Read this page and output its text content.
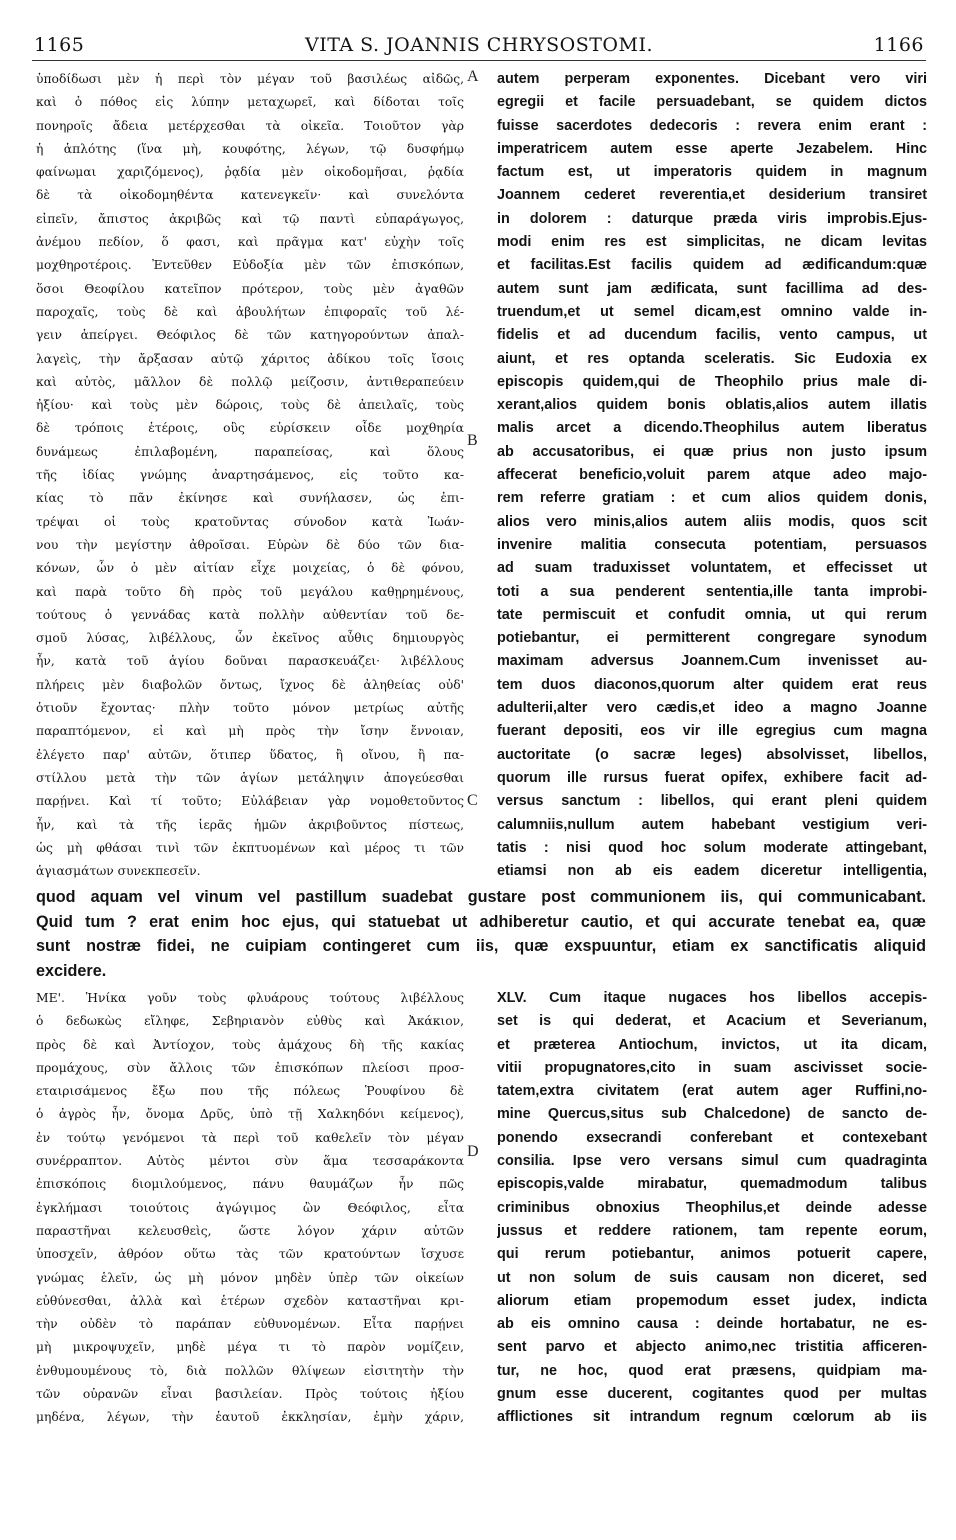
1165	VITA S. JOANNIS CHRYSOSTOMI.	1166
ὑποδίδωσι μὲν ἡ περὶ τὸν μέγαν τοῦ βασιλέως αἰδῶς,
καὶ ὁ πόθος εἰς λύπην μεταχωρεῖ, καὶ δίδοται τοῖς
πονηροῖς ἄδεια μετέρχεσθαι τὰ οἰκεῖα. Τοιοῦτον γὰρ
ἡ ἁπλότης (ἵνα μὴ, κουφότης, λέγων, τῷ δυσφήμῳ
φαίνωμαι χαριζόμενος), ῥᾳδία μὲν οἰκοδομῆσαι, ῥᾳδία
δὲ τὰ οἰκοδομηθέντα κατενεγκεῖν· καὶ συνελόντα
εἰπεῖν, ἄπιστος ἀκριβῶς καὶ τῷ παντὶ εὐπαράγωγος,
ἀνέμου πεδίον, ὅ φασι, καὶ πρᾶγμα κατ' εὐχὴν τοῖς
μοχθηροτέροις. Ἐντεῦθεν Εὐδοξία μὲν τῶν ἐπισκόπων,
ὅσοι Θεοφίλου κατεῖπον πρότερον, τοὺς μὲν ἀγαθῶν
παροχαῖς, τοὺς δὲ καὶ ἀβουλήτων ἐπιφοραῖς τοῦ λέ-
γειν ἀπείργει. Θεόφιλος δὲ τῶν κατηγορούντων ἀπαλ-
λαγεὶς, τὴν ἄρξασαν αὐτῷ χάριτος ἀδίκου τοῖς ἴσοις
καὶ αὐτὸς, μᾶλλον δὲ πολλῷ μείζοσιν, ἀντιθεραπεύειν
ἠξίου· καὶ τοὺς μὲν δώροις, τοὺς δὲ ἀπειλαῖς, τοὺς
δὲ τρόποις ἑτέροις, οὓς εὑρίσκειν οἶδε μοχθηρία
δυνάμεως ἐπιλαβομένη, παραπείσας, καὶ ὅλους
τῆς ἰδίας γνώμης ἀναρτησάμενος, εἰς τοῦτο κα-
κίας τὸ πᾶν ἐκίνησε καὶ συνήλασεν, ὡς ἐπι-
τρέψαι οἱ τοὺς κρατοῦντας σύνοδον κατὰ Ἰωάν-
νου τὴν μεγίστην ἀθροῖσαι. Εὑρὼν δὲ δύο τῶν δια-
κόνων, ὧν ὁ μὲν αἰτίαν εἶχε μοιχείας, ὁ δὲ φόνου,
καὶ παρὰ τοῦτο δὴ πρὸς τοῦ μεγάλου καθῃρημένους,
τούτους ὁ γεννάδας κατὰ πολλὴν αὐθεντίαν τοῦ δε-
σμοῦ λύσας, λιβέλλους, ὧν ἐκεῖνος αὖθις δημιουργὸς
ἦν, κατὰ τοῦ ἁγίου δοῦναι παρασκευάζει· λιβέλλους
πλήρεις μὲν διαβολῶν ὄντως, ἴχνος δὲ ἀληθείας οὐδ'
ὁτιοῦν ἔχοντας· πλὴν τοῦτο μόνον μετρίως αὐτῆς
παραπτόμενον, εἰ καὶ μὴ πρὸς τὴν ἴσην ἔννοιαν,
ἐλέγετο παρ' αὐτῶν, ὅτιπερ ὕδατος, ἢ οἴνου, ἢ πα-
στίλλου μετὰ τὴν τῶν ἁγίων μετάληψιν ἀπογεύεσθαι
παρῄνει. Καὶ τί τοῦτο; Εὐλάβειαν γὰρ νομοθετοῦντος
ἦν, καὶ τὰ τῆς ἱερᾶς ἡμῶν ἀκριβοῦντος πίστεως,
ὡς μὴ φθάσαι τινὶ τῶν ἐκπτυομένων καὶ μέρος τι τῶν
ἁγιασμάτων συνεκπεσεῖν.
autem perperam exponentes. Dicebant vero viri
egregii et facile persuadebant, se quidem dictos
fuisse sacerdotes dedecoris : revera enim erant :
imperatricem autem esse aperte Jezabelem. Hinc
factum est, ut imperatoris quidem in magnum
Joannem cederet reverentia,et desiderium transiret
in dolorem : daturque præda viris improbis.Ejus-
modi enim res est simplicitas, ne dicam levitas
et facilitas.Est facilis quidem ad ædificandum:quæ
autem sunt jam ædificata, sunt facillima ad des-
truendum,et ut semel dicam,est omnino valde in-
fidelis et ad ducendum facilis, vento campus, ut
aiunt, et res optanda sceleratis. Sic Eudoxia ex
episcopis quidem,qui de Theophilo prius male di-
xerant,alios quidem bonis oblatis,alios autem illatis
malis arcet a dicendo.Theophilus autem liberatus
ab accusatoribus, ei quæ prius non justo ipsum
affecerat beneficio,voluit parem atque adeo majo-
rem referre gratiam : et cum alios quidem donis,
alios vero minis,alios autem aliis modis, quos scit
invenire malitia consecuta potentiam, persuasos
ad suam traduxisset voluntatem, et effecisset ut
toti a sua penderent sententia,ille tanta improbi-
tate permiscuit et confudit omnia, ut qui rerum
potiebantur, ei permitterent congregare synodum
maximam adversus Joannem.Cum invenisset au-
tem duos diaconos,quorum alter quidem erat reus
adulterii,alter vero cædis,et ideo a magno Joanne
fuerant depositi, eos vir ille egregius cum magna
auctoritate (o sacræ leges) absolvisset, libellos,
quorum ille rursus fuerat opifex, exhibere facit ad-
versus sanctum : libellos, qui erant pleni quidem
calumniis,nullum autem habebant vestigium veri-
tatis : nisi quod hoc solum moderate attingebant,
etiamsi non ab eis eadem diceretur intelligentia,
quod aquam vel vinum vel pastillum suadebat gustare post communionem iis, qui communicabant.
Quid tum ? erat enim hoc ejus, qui statuebat ut adhiberetur cautio, et qui accurate tenebat ea, quæ
sunt nostræ fidei, ne cuipiam contingeret cum iis, quæ exspuuntur, etiam ex sanctificatis aliquid
excidere.
ΜΕ'. Ἡνίκα γοῦν τοὺς φλυάρους τούτους λιβέλλους
ὁ δεδωκὼς εἴληφε, Σεβηριανὸν εὐθὺς καὶ Ἀκάκιον,
πρὸς δὲ καὶ Ἀντίοχον, τοὺς ἀμάχους δὴ τῆς κακίας
προμάχους, σὺν ἄλλοις τῶν ἐπισκόπων πλείοσι προσ-
εταιρισάμενος ἔξω που τῆς πόλεως Ῥουφίνου δὲ
ὁ ἀγρὸς ἦν, ὄνομα Δρῦς, ὑπὸ τῇ Χαλκηδόνι κείμενος),
ἐν τούτῳ γενόμενοι τὰ περὶ τοῦ καθελεῖν τὸν μέγαν
συνέρραπτον. Αὐτὸς μέντοι σὺν ἅμα τεσσαράκοντα
ἐπισκόποις διομιλούμενος, πάνυ θαυμάζων ἦν πῶς
ἐγκλήμασι τοιούτοις ἀγώγιμος ὢν Θεόφιλος, εἶτα
παραστῆναι κελευσθεὶς, ὥστε λόγον χάριν αὐτῶν
ὑποσχεῖν, ἀθρόον οὕτω τὰς τῶν κρατούντων ἴσχυσε
γνώμας ἑλεῖν, ὡς μὴ μόνον μηδὲν ὑπὲρ τῶν οἰκείων
εὐθύνεσθαι, ἀλλὰ καὶ ἑτέρων σχεδὸν καταστῆναι κρι-
τὴν οὐδὲν τὸ παράπαν εὐθυνομένων. Εἶτα παρῄνει
μὴ μικροψυχεῖν, μηδὲ μέγα τι τὸ παρὸν νομίζειν,
ἐνθυμουμένους τὸ, διὰ πολλῶν θλίψεων εἰσιτητὴν τὴν
τῶν οὐρανῶν εἶναι βασιλείαν. Πρὸς τούτοις ἠξίου
μηδένα, λέγων, τὴν ἑαυτοῦ ἐκκλησίαν, ἐμὴν χάριν,
XLV. Cum itaque nugaces hos libellos accepis-
set is qui dederat, et Acacium et Severianum,
et præterea Antiochum, invictos, ut ita dicam,
vitii propugnatores,cito in suam ascivisset socie-
tatem,extra civitatem (erat autem ager Ruffini,no-
mine Quercus,situs sub Chalcedone) de sancto de-
ponendo exsecrandi conferebant et contexebant
consilia. Ipse vero versans simul cum quadraginta
episcopis,valde mirabatur, quemadmodum talibus
criminibus obnoxius Theophilus,et deinde adesse
jussus et reddere rationem, tam repente eorum,
qui rerum potiebantur, animos potuerit capere,
ut non solum de suis causam non diceret, sed
aliorum etiam propemodum esset judex, indicta
ab eis omnino causa : deinde hortabatur, ne es-
sent parvo et abjecto animo,nec tristitia afficeren-
tur, ne hoc, quod erat præsens, quidpiam ma-
gnum esse ducerent, cogitantes quod per multas
afflictiones sit intrandum regnum cœlorum ab iis
A
B
C
D
